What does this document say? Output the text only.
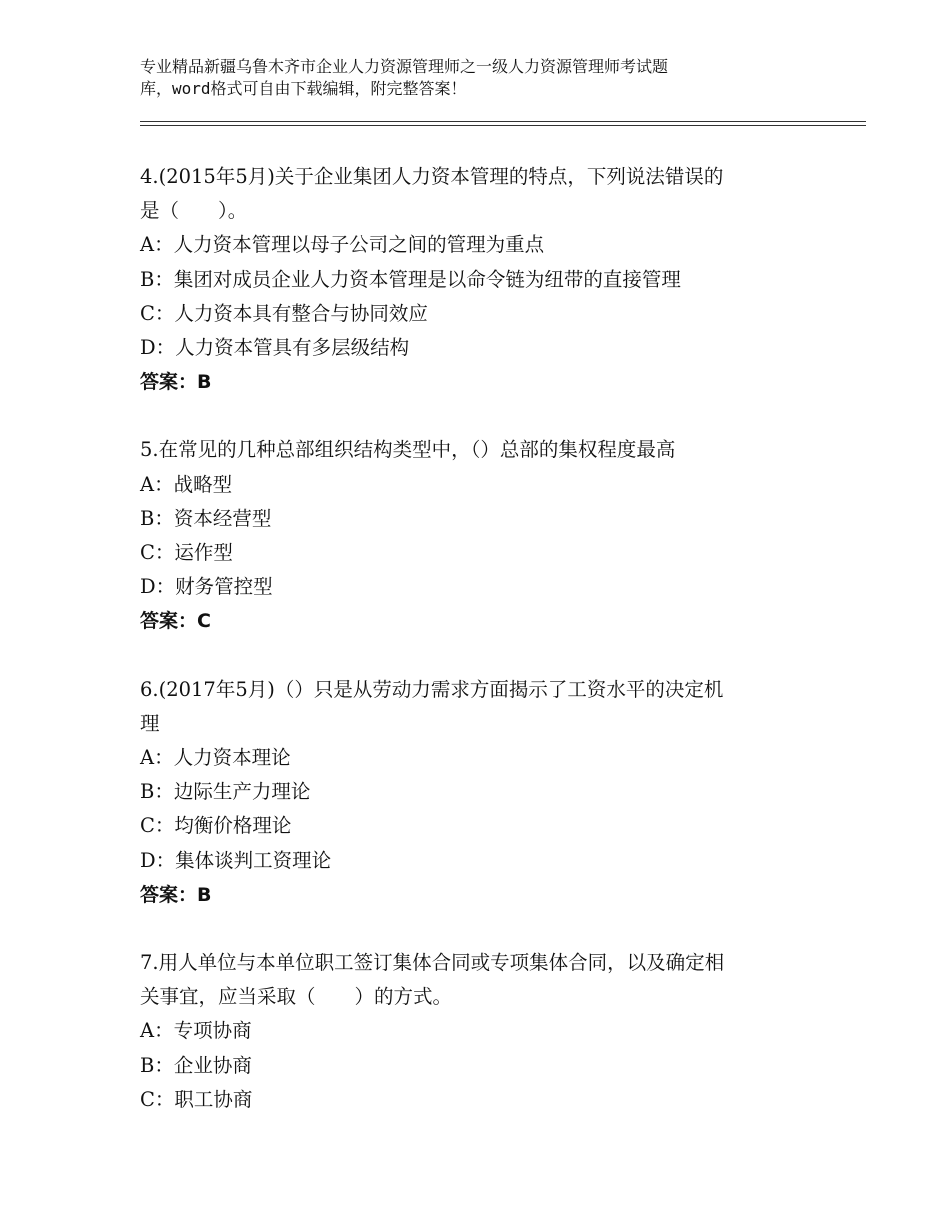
专业精品新疆乌鲁木齐市企业人力资源管理师之一级人力资源管理师考试题
库，word格式可自由下载编辑，附完整答案！
4.(2015年5月)关于企业集团人力资本管理的特点，下列说法错误的
是（　　）。
A：人力资本管理以母子公司之间的管理为重点
B：集团对成员企业人力资本管理是以命令链为纽带的直接管理
C：人力资本具有整合与协同效应
D：人力资本管具有多层级结构
答案：B
5.在常见的几种总部组织结构类型中，（）总部的集权程度最高
A：战略型
B：资本经营型
C：运作型
D：财务管控型
答案：C
6.(2017年5月)（）只是从劳动力需求方面揭示了工资水平的决定机
理
A：人力资本理论
B：边际生产力理论
C：均衡价格理论
D：集体谈判工资理论
答案：B
7.用人单位与本单位职工签订集体合同或专项集体合同，以及确定相
关事宜，应当采取（　　）的方式。
A：专项协商
B：企业协商
C：职工协商
